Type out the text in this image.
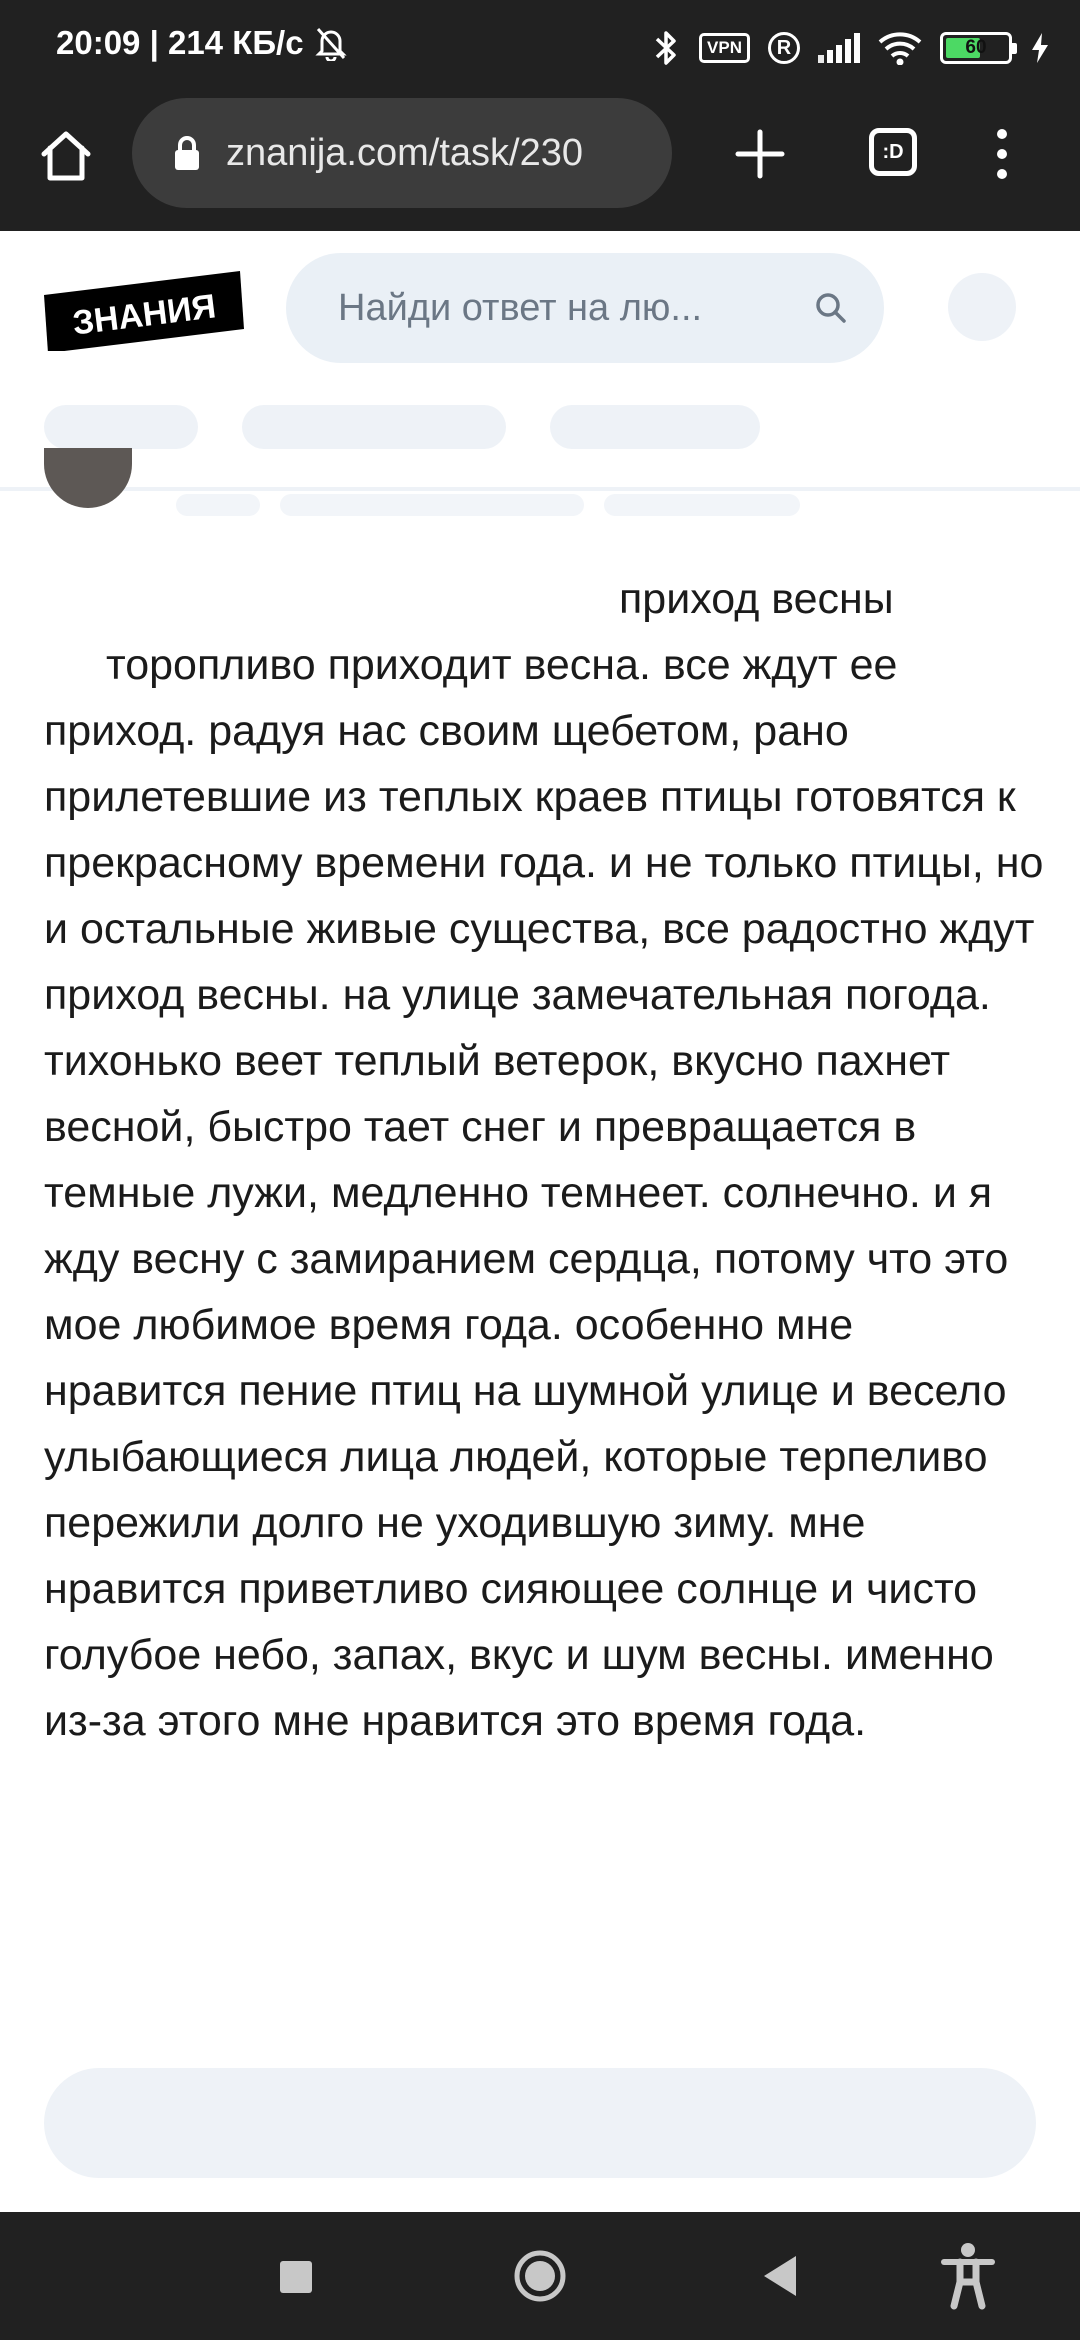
20:09 | 214 КБ/с	VPN	R	60
znanija.com/task/230	:D
ЗНАНИЯ
Найди ответ на лю...
приход весны
торопливо приходит весна. все ждут ее приход. радуя нас своим щебетом, рано прилетевшие из теплых краев птицы готовятся к прекрасному времени года. и не только птицы, но и остальные живые существа, все радостно ждут приход весны. на улице замечательная погода. тихонько веет теплый ветерок, вкусно пахнет весной, быстро тает снег и превращается в темные лужи, медленно темнеет. солнечно. и я жду весну с замиранием сердца, потому что это мое любимое время года. особенно мне нравится пение птиц на шумной улице и весело улыбающиеся лица людей, которые терпеливо пережили долго не уходившую зиму. мне нравится приветливо сияющее солнце и чисто голубое небо, запах, вкус и шум весны. именно из-за этого мне нравится это время года.
